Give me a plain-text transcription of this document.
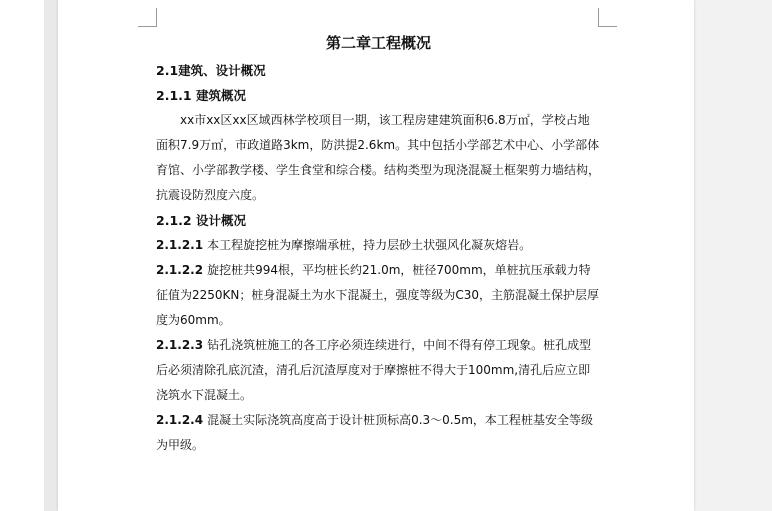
第二章工程概况

2.1建筑、设计概况

2.1.1 建筑概况

xx市xx区xx区域西林学校项目一期，该工程房建建筑面积6.8万㎡，学校占地面积7.9万㎡，市政道路3km，防洪提2.6km。其中包括小学部艺术中心、小学部体育馆、小学部教学楼、学生食堂和综合楼。结构类型为现浇混凝土框架剪力墙结构，抗震设防烈度六度。

2.1.2 设计概况

2.1.2.1 本工程旋挖桩为摩擦端承桩，持力层砂土状强风化凝灰熔岩。

2.1.2.2 旋挖桩共994根，平均桩长约21.0m，桩径700mm，单桩抗压承载力特征值为2250KN；桩身混凝土为水下混凝土，强度等级为C30，主筋混凝土保护层厚度为60mm。

2.1.2.3 钻孔浇筑桩施工的各工序必须连续进行，中间不得有停工现象。桩孔成型后必须清除孔底沉渣，清孔后沉渣厚度对于摩擦桩不得大于100mm,清孔后应立即浇筑水下混凝土。

2.1.2.4 混凝土实际浇筑高度高于设计桩顶标高0.3～0.5m，本工程桩基安全等级为甲级。
